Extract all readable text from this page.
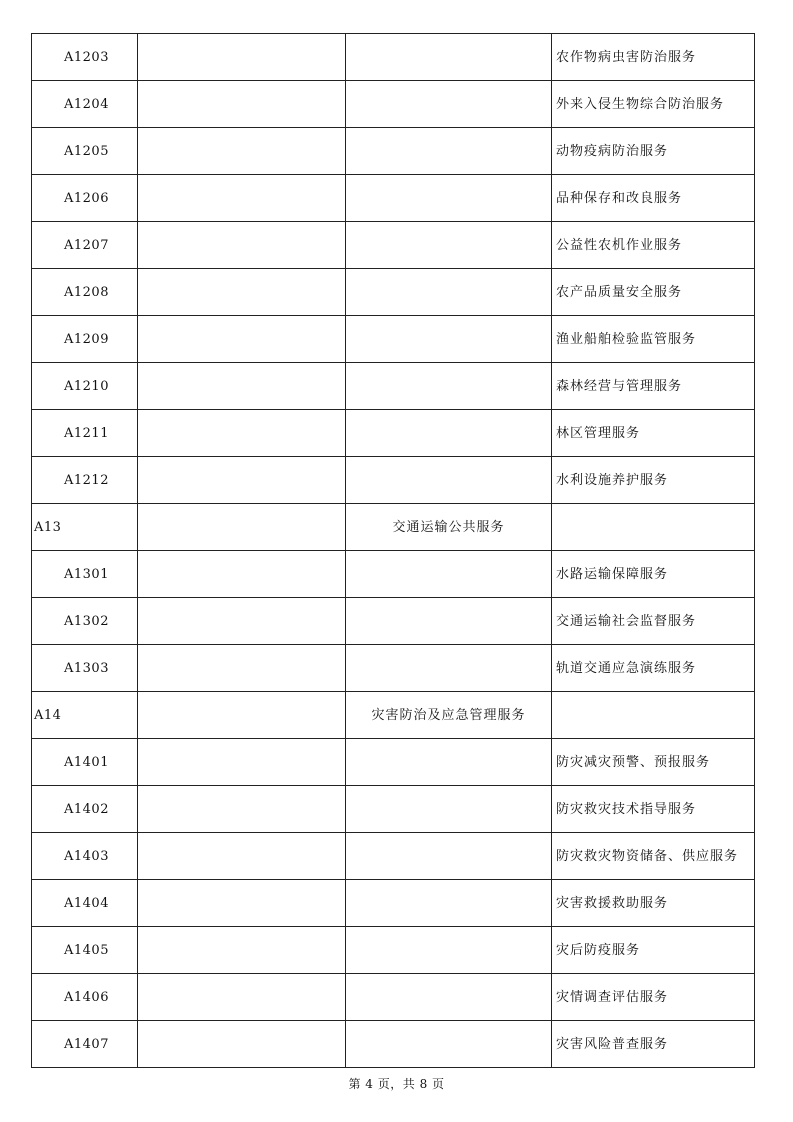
A1203			农作物病虫害防治服务
A1204			外来入侵生物综合防治服务
A1205			动物疫病防治服务
A1206			品种保存和改良服务
A1207			公益性农机作业服务
A1208			农产品质量安全服务
A1209			渔业船舶检验监管服务
A1210			森林经营与管理服务
A1211			林区管理服务
A1212			水利设施养护服务
A13		交通运输公共服务	
A1301			水路运输保障服务
A1302			交通运输社会监督服务
A1303			轨道交通应急演练服务
A14		灾害防治及应急管理服务	
A1401			防灾减灾预警、预报服务
A1402			防灾救灾技术指导服务
A1403			防灾救灾物资储备、供应服务
A1404			灾害救援救助服务
A1405			灾后防疫服务
A1406			灾情调查评估服务
A1407			灾害风险普查服务
第 4 页，共 8 页
